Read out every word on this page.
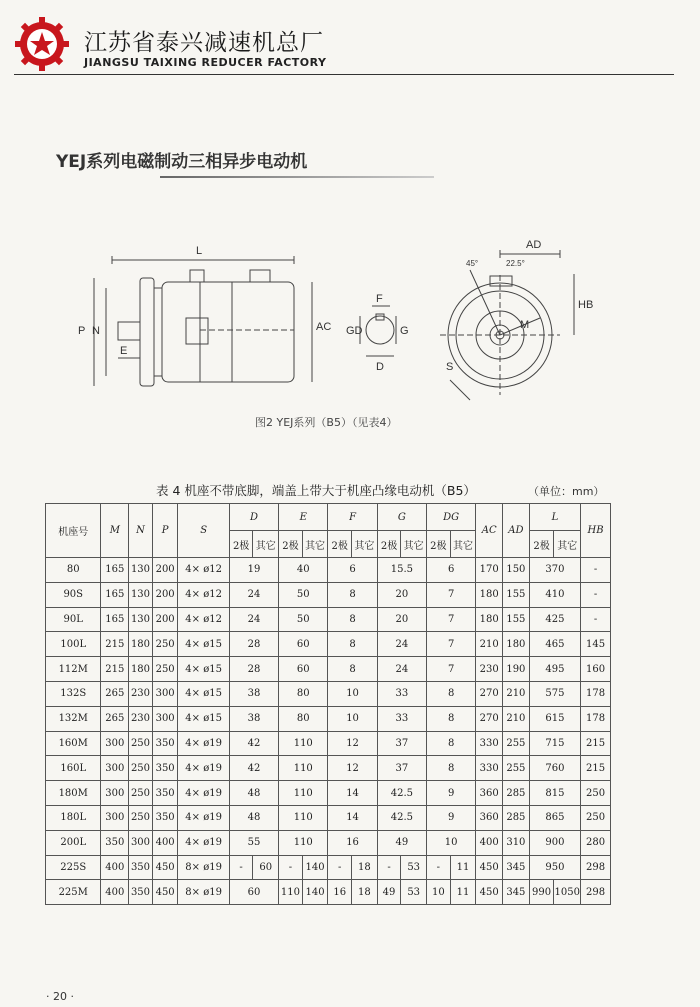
江苏省泰兴减速机总厂
JIANGSU TAIXING REDUCER FACTORY
YEJ系列电磁制动三相异步电动机
L
P N
E
AC
F
GD	G
D
AD
HB
M
S
45°	22.5°
图2 YEJ系列（B5）（见表4）
表 4 机座不带底脚，端盖上带大于机座凸缘电动机（B5）	（单位：mm）
机座号	M	N	P	S	D		E		F		G		DG		AC	AD	L		HB
					2极	其它	2极	其它	2极	其它	2极	其它	2极	其它			2极	其它	
80	165	130	200	4× ø12	19		40		6		15.5		6		170	150	370		-
90S	165	130	200	4× ø12	24		50		8		20		7		180	155	410		-
90L	165	130	200	4× ø12	24		50		8		20		7		180	155	425		-
100L	215	180	250	4× ø15	28		60		8		24		7		210	180	465		145
112M	215	180	250	4× ø15	28		60		8		24		7		230	190	495		160
132S	265	230	300	4× ø15	38		80		10		33		8		270	210	575		178
132M	265	230	300	4× ø15	38		80		10		33		8		270	210	615		178
160M	300	250	350	4× ø19	42		110		12		37		8		330	255	715		215
160L	300	250	350	4× ø19	42		110		12		37		8		330	255	760		215
180M	300	250	350	4× ø19	48		110		14		42.5		9		360	285	815		250
180L	300	250	350	4× ø19	48		110		14		42.5		9		360	285	865		250
200L	350	300	400	4× ø19	55		110		16		49		10		400	310	900		280
225S	400	350	450	8× ø19	-	60	-	140	-	18	-	53	-	11	450	345	950		298
225M	400	350	450	8× ø19	60		110	140	16	18	49	53	10	11	450	345	990	1050	298
· 20 ·
